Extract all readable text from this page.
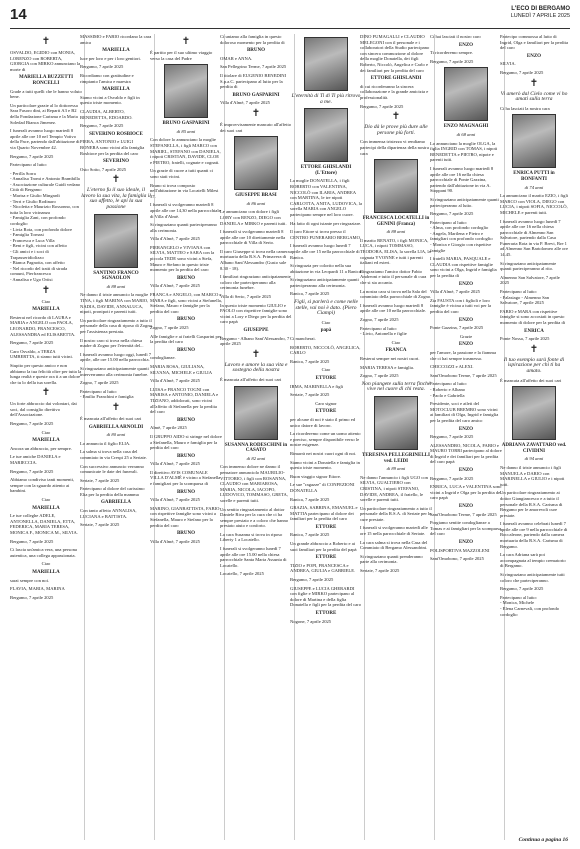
14	L'ECO DI BERGAMO
LUNEDÌ 7 APRILE 2025
✝

OSVALDO, EGIDIO con MONIA, LORENZO con ROBERTA, GIORGIA con MIRKO annunciano la morte di

MARIELLA BUZZETTI RONCELLI

Grade a tutti quelli che le hanno voluto bene.

Un particolare grazie al lo dottoressa Sara Fasoro dini, ai Reparti A3 e B2 della Fondazione Carisma e la Maria Soledad Bianca Jimenez.

I funerali avranno luogo martedì 8 aprile alle ore 10 nel Tempio Votivo della Pace, partendo dall'abitazione di via Quarto Novembre 42.

Bergamo, 7 aprile 2025

Partecipano al lutto:

- Perilla Sorra
- Annalisa Tromi e Antonio Brambilla
- Associazione culturale Guidi vedano Città di Bergamo
- Marisa e Giulio Mingardi
- Terri e Giulio Rodinaro
- Nicoletta e Maurizio Rossonno, con tutta la loro vicinanza
- Famiglia Zani, con profondo cordoglio
- Livia Rota, con profondo dolore
- Famiglia Tornasi
- Francesca e Luca Villa
- Beni e figli, vicini con affetto
- Gli amici e i soci di Trapasseridiolizzo
- Bianca Pagnotta, con affetto
- Nel ricordo del tratti di strada comuni, Pierfrancesca
- Annalisa e Ugo Ortisi

✝

Ciao

MARIELLA

Resterai nel ricordo di LAURA e MARIA e ANGELO con PAOLA, LEONARDO, FRANCESCO, ALESSANDRA ed ELISABETTA.

Bergamo, 7 aprile 2025

Caro Osvaldo, a TERZA UMBERTTA, ti siamo tutti vicini.

Stupito per questo amico e non abbiamo la tua felicità oltre per tutta la lunga realtà e queste ora ti a un dolore che tu lo della tua sorella.

✝

Un forte abbraccio dai volontari, dai soci, dal consiglio direttivo dell'Associazione.

Bergamo, 7 aprile 2025

Ciao

MARIELLA

Ancora un abbraccio, per sempre.

Le tue amiche DANIELA e MARIECCIA.

Bergamo, 7 aprile 2025

Abbiamo condiviso tanti momenti, sempre con la sguardo attento ai bambini.

Ciao

MARIELLA

Le tue colleghe ADELE, ANTONELLA, DANIELA, ETTA, FEDERICA, MARIA TERESA, MONICA F., MONICA M., SILVIA.

Bergamo, 7 aprile 2025

Ci lascia un'amica vera, una persona autentica, una collega appassionata.

Ciao

MARIELLA

sarai sempre con noi.

FLAVIA, MARIA, MARINA

Bergamo, 7 aprile 2025

MASSIMO e FABIO ricordano la cara amica

MARIELLA

luce per loro e per i loro genitori.

Bergamo, 7 aprile 2025

Ricordiamo con gratitudine e rimpianto l'amica e maestra

MARIELLA

Siamo vicini a Osvaldo e figli in questo triste momento.

CLAUDIA, ALBERTO, BENEDETTA, EDOARDO.

Bergamo, 7 aprile 2025

SEVERINO ROSBIOCE

PIERA, ANTONIO e LUIGI BONERA sono vicini alla famiglia Rosbioce per la perdita del caro

SEVERINO

Osio Sotto, 7 aprile 2025

✝

L'eterno fu il suo ideale, il lavoro la sua vita, la famiglia il suo affetto, le api la sua passione

SANTINO FRANCO SGNAOLON

di 88 anni

Ne danno il triste annuncio la moglie TINA, i figli MARINA con MARIO, NADIA, DAVIDE, ANNALUCA, nipoti, pronipoti e parenti tutti.

Un particolare ringraziamento a tutto il personale della casa di riposo di Zogno per l'assistenza prestata.

Il nostro caro si trova nella chiesa madre di Zogno per l'eternità del...

I funerali avranno luogo oggi, lunedì 7 aprile, alle ore 15.00 nella parrocchia.

Si ringraziano anticipatamente quanti interverranno alla cerimonia funebre.

Zogno, 7 aprile 2025

Partecipano al lutto:
- Emilio Franchini e famiglia

✝

È mancata all'affetto dei suoi cari

GABRIELLA ARNOLDI

di 80 anni

Lo annuncia il figlio ELIA.

La salma si trova nella casa del commiato in via Crespi 25 a Seriate.

Con successivo annuncio verranno comunicate le date dei funerali.

Seriate, 7 aprile 2025

Partecipano al dolore del carissimo Elia per la perdita della mamma

GABRIELLA

Con tanto affetto ANNALISA, LUCIANA e BATTISTA.

Seriate, 7 aprile 2025

✝

È partito per il suo ultimo viaggio verso la casa del Padre

BRUNO GASPARINI

di 85 anni

Con dolore lo annunciano la moglie STEFANELLA, i figli MARCO con MARIEL, STEFANO con DANIELA, i nipoti CRISTIAN, DAVIDE, CLOE e PIETRO, fratelli, cognate e cognati.

Un grazie di cuore a tutti quanti ci sono stati vicini.

Bruno si trova composto nell'abitazione in via Locatelli Milesi 37.

I funerali si svolgeranno martedì 8 aprile alle ore 14,30 nella parrocchiale di Villa d'Almè.

Si ringraziano quanti parteciperanno alla cerimonia.

Villa d'Almè, 7 aprile 2025

PIERANGELO e VIVIANA con SILVIA, MATTEO e SARA con la piccola TEDE sono vicini a Stefa, Mauro e Stefano in questo triste momento per la perdita del caro

BRUNO

Villa d'Almè, 7 aprile 2025

FRANCA e ANGELO, con MARCO e MARA e figli, sono vicini a Stefanella, Stefano, Mauro e famiglie per la perdita del caro

BRUNO

Zogno, 7 aprile 2025

Alle famiglie e ai fratelli Gasparini per la perdita del caro

BRUNO

condoglianze.

MARIA ROSA, GIULIANA, SILVANA, MICHELE e GIULIA

Villa d'Almè, 7 aprile 2025

LUISA e FRANCO TOGNI con MARISA e ANTONIO, DANIELA e TIZIANO, addolorati, sono vicini all'affetto di Stefanella per la perdita del caro

BRUNO

Almè, 7 aprile 2025

Il GRUPPO AIDO si stringe nel dolore a Stefanella, Mauro e famiglia per la perdita del caro

BRUNO

Villa d'Almè, 7 aprile 2025

Il direttivo AVIS COMUNALE VILLA D'ALMÈ è vicino a Stefanella e famigliari per la scomparsa di

BRUNO

Villa d'Almè, 7 aprile 2025

MARINO, GIANBATTISTA, FABIO con rispettive famiglie sono vicini a Stefanella, Mauro e Stefano per la perdita del caro

BRUNO

Villa d'Almè, 7 aprile 2025

Ci uniamo alla famiglia in questo doloroso momento per la perdita di

BRUNO

OMAR e ANNA.

San Pellegrino Terme, 7 aprile 2025

Il titolare di EUGENIO BENEDINI S.p.a.C. partecipano al lutto per la perdita di

BRUNO GASPARINI

Villa d'Almè, 7 aprile 2025

✝

È improvvisamente mancato all'affetto dei suoi cari

GIUSEPPE BRASI

di 86 anni

Le annunciano con dolore i figli LORY con RENZO, DIEGO con DANIELA e MIRKO e parenti tutti.

I funerali si svolgeranno martedì 8 aprile alle ore 10 direttamente nella parrocchiale di Villa di Serio.

Il caro Giuseppe si trova nella camera mortuaria della R.S.A. Primavera di Albano Sant'Alessandro (Gusto sale 8.30 - 18).

I familiari ringraziano anticipatamente coloro che parteciperanno alla cerimonia funebre.

Villa di Serio, 7 aprile 2025

In questo triste momento GIULIO e PAOLO con rispettive famiglie sono vicini a Lory e Diego per la perdita del caro papà

GIUSEPPE

Bergamo - Albano Sant'Alessandro, 7 aprile 2025

✝

Lavoro e amore la sua vita e sostegno della nostra

È mancata all'affetto dei suoi cari

SUSANNA RODESCHINI in CASATO

di 82 anni

Con immenso dolore ne danno il pensatore annunciolo MAURILIO-VITTORIO, i figli con ROSANNA, CLAUDIO con MARIAROSA, MARIA, NICOLA, IACOPO, LUDOVICO, TOMMASO, GRETA, sorelle e parenti tutti.

Un sentito ringraziamento al dottor Daniele Riva per la cura che ci ha sempre prestato e a coloro che hanno prestato aiuto e conforto.

La cara Susanna si trova in riposo Liberty 1 a Locatello.

I funerali si svolgeranno lunedì 7 aprile alle ore 15.00 nella chiesa parrocchiale Santa Maria Assunta di Locatello.

Locatello, 7 aprile 2025

L'eternità di Ti di Ti più ritrovo a me.

ETTORE GHISLANDI (L'Ettore)

La moglie DONATELLA, i figli ROBERTO con VALENTINA, NICCOLÒ con ILARIA, ANDREA con MARTINA, le tre nipoti CARLOTTA, ANITA, LUDOVICA, la sorella MARIA con ANGELO partecipano sempre nel loro cuore.

Ha fatto di ogni istante per ringraziare.

Il caro Ettore si trova presso il CENTRO FUNERARIO BERGAMO.

I funerali avranno luogo lunedì 7 aprile alle ore 15 nella parrocchiale di Ranica.

Si ringrazia per colorito nella sua abitazione in via Leopardi 11 a Ranica.

Si ringraziano anticipatamente quanti parteciperanno alla cerimonia.

Ranica, 7 aprile 2025

Figli, si parlerà e come nelle stelle, vai noi è dato. (Piero Ciampi)

Ciao

papà

Ci mancherai.

ROBERTO, NICCOLÒ, ANGELICA, CARLO

Ranica, 7 aprile 2025

Ciao

ETTORE

IRMA, MARINELLA e figli

Seriate, 7 aprile 2025

Caro signor

ETTORE

per alcune di noi è stato il primo ed unico datore di lavoro.

La ricorderemo come un uomo attento e preciso, sempre disponibile verso le nostre esigenze.

Rimarrà nei nostri cuori ogni di noi.

Siamo vicini a Donatella e famiglia in questo triste momento.

Buon viaggio signor Ettore.

Le sue "ragazze" di CONFEZIONI DONATELLA

Ranica, 7 aprile 2025

GRAZIA, SABRINA, EMANUEL e MATTIA partecipano al dolore dei familiari per la perdita del caro

ETTORE

Ranica, 7 aprile 2025

Un grande abbraccio a Roberto e ai suoi familiari per la perdita del papà

ETTORE

TIZIO e POPI, FRANCESCA e ANDREA, GIULIA e GABRIELE.

Bergamo, 7 aprile 2025

GIUSEPPE e LUCIA GHERARDI con figlie e MIRKO partecipano al dolore di Martina e della figlia Donatella e figli per la perdita del caro

ETTORE

Nogone, 7 aprile 2025

DINO FUMAGALLI e CLAUDIO MELEGONI con il personale e i collaboratori della Studio partecipano con sincera commozione al dolore della moglie Donatella, dei figli Roberto, Niccolò, Angelica e Carlo e dei familiari per la perdita del caro

ETTORE GHISLANDI

di cui ricorderanno la sincera collaborazione e la grande amicizia e professionalità.

Bergamo, 7 aprile 2025

✝

Dio dà le prove più dure alle persone più forti.

Con immensa tristezza vi rendiamo partecipi della dipartenza della nostra cara

FRANCESCA LOCATELLI in GENINI (Franca)

di 88 anni

Il marito RENATO, i figli MONICA, LUCA, i nipoti TOMMASO, TEODORA, ELISA, la sorella LIA, la cognata YVONNE e tutti i parenti italiani ed esteri.

Ringraziamo l'amico dottor Fabio Andreoni e tutto il personale di cura che si sta accanto.

La nostra cara si trova nella Sala del commiato della parrocchiale di Zogno.

I funerali avranno luogo martedì 8 aprile alle ore 10 nella parrocchiale.

Zogno, 7 aprile 2025

Partecipano al lutto:
- Livio, Antonella e figlie

Ciao

FRANCA

Resterai sempre nei nostri cuori.

MARIA TERESA e famiglia.

Zogno, 7 aprile 2025

Non piangete sulla terra finché vive nel cuore di chi resta.

TERESINA PELLEGRINELLI ved. LEIDI

di 89 anni

Ne danno l'annuncio i figli UGO con SILVIA, GUALTIERO con CRISTINA, i nipoti STEFANO, DAVIDE, ANDREA, il fratello, le sorelle e parenti tutti.

Un particolare ringraziamento a tutto il personale della R.S.A. di Seriate per le cure prestate.

I funerali si svolgeranno martedì alle ore 15 nella parrocchiale di Seriate.

La cara salma si trova nella Casa del Commiato di Bergamo Alessandrini.

Si ringraziano quanti prenderanno parte alla cerimonia.

Seriate, 7 aprile 2025

Ci hai lasciati il nostro caro

ENZO

Ti ricorderemo sempre.

Bergamo, 7 aprile 2025

ENZO MAGNAGHI

di 68 anni

Lo annunciano la moglie OLGA, la figlia INGRID con TOMAS, i nipoti BENEDETTA e PIETRO, nipote e parenti tutti.

I funerali avranno luogo martedì 8 aprile alle ore 16 nella chiesa parrocchiale di Ponte Gazzina, partendo dall'abitazione in via A. Stoppani 90.

Si ringraziano anticipatamente quanti parteciperanno al lutto.

Bergamo, 7 aprile 2025

Partecipano al lutto:
- Alma, con profondo cordoglio
- Angela, Marilena e Pietro e famigliari con profondo cordoglio
- Monica e Giorgio con rispettive famiglie

I fratelli MARIA, PASQUALE e CLAUDIA con rispettive famiglie sono vicini a Olga, Ingrid e famiglia per la perdita di

ENZO

Villa d'Almè, 7 aprile 2025

Zia FAUSTA con i figlioli e loro famiglie è vicina a tutti voi per la perdita del caro

ENZO

Ponte Gazzina, 7 aprile 2025

Grazie

ENZO

per l'amore, la passione e la fiamma che ci hai sempre trasmesso.

CHICCOZZI e ALEXI.

Sant'Omobono Terme, 7 aprile 2025

Partecipano al lutto:
- Roberto e Albano
- Paolo e Gabriella

Presidente, soci e atleti del MOTOCLUB BREMBO sono vicini ai familiari di Olga, Ingrid e famiglia per la perdita del caro amico

ENZO

Bergamo, 7 aprile 2025

ALESSANDRO, NICOLA, FABIO e MAURO TORRI partecipano al dolore di Ingrid e dei familiari per la perdita del caro papà

ENZO

Bergamo, 7 aprile 2025

ENRICA, LUCA e VALENTINA sono vicini a Ingrid e Olga per la perdita del caro papà

ENZO

Sant'Omobono Terme, 7 aprile 2025

Porgiamo sentite condoglianze a Tomas e ai famigliari per la scomparsa del caro

ENZO

POLISPORTIVA MAZZOLENI

Sant'Omobono, 7 aprile 2025

Partecipo commossa al lutto di Ingrid, Olga e familiari per la perdita del caro

ENZO

SILVIA.

Bergamo, 7 aprile 2025

✝

Vi amerò dal Cielo come vi ho amati sulla terra

Ci ha lasciati la nostra cara

ENRICA PUTTI in BONFANTI

di 74 anni

La annunciano il marito EZIO, i figli MARCO con VIOLA, DIEGO con LUCIA, i nipoti SOFIA, NICCOLÒ, MICHELE e parenti tutti.

I funerali avranno luogo lunedì 7 aprile alle ore 16 nella chiesa parrocchiale di Almenno San Salvatore, partendo dalla Casa Funeraria Rota in via P. Brevi, Bre 1 ad Almenno San Bartolomeo alle ore 14.45.

Si ringraziano anticipatamente quanti parteciperanno al rito.

Almenno San Salvatore, 7 aprile 2025

Partecipano al lutto:
- Falasiago - Almenno San Salvatore, 7 aprile 2025

FABIO e MARA con rispettive famiglie si sono accostati in questo momento di dolore per la perdita di

ENRICA

Ponte Nossa, 7 aprile 2025

✝

Il tuo esempio sarà fonte di ispirazione per chi ti ha amato.

È mancata all'affetto dei suoi cari

ADRIANA ZAVATTARO ved. CIVIDINI

di 94 anni

Ne danno il triste annuncio i figli MANUELA e DARIO con MARINELLA e GIULIO e i nipoti tutti.

Un particolare ringraziamento ai dottor Giangiancesco e a tutto il personale della R.S.A. Carisma di Bergamo per le amorevoli cure prestate.

I funerali avranno celebrati lunedì 7 aprile alle ore 9 nella parrocchiale di Boccaleone, partendo dalla camera mortuaria della R.S.A. Carisma di Bergamo.

La cara Adriana sarà poi accompagnata al tempio crematorio di Bergamo.

Si ringraziano anticipatamente tutti coloro che parteciperanno.

Bergamo, 7 aprile 2025

Partecipano al lutto:
- Monica, Michele
- Elena Carnevali, con profondo cordoglio

Continua a pagina 16
